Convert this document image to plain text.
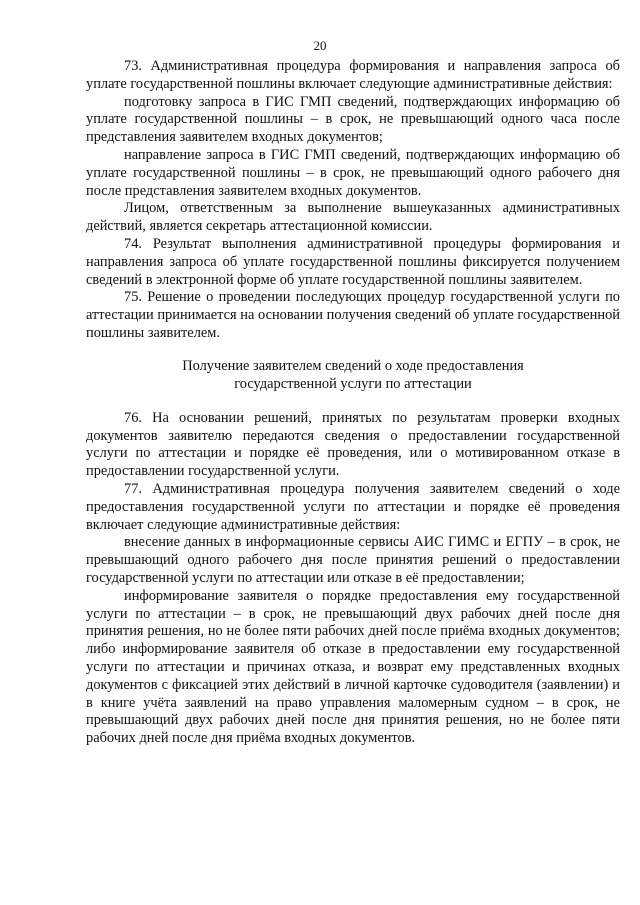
20

73. Административная процедура формирования и направления запроса об уплате государственной пошлины включает следующие административные действия:

подготовку запроса в ГИС ГМП сведений, подтверждающих информацию об уплате государственной пошлины – в срок, не превышающий одного часа после представления заявителем входных документов;

направление запроса в ГИС ГМП сведений, подтверждающих информацию об уплате государственной пошлины – в срок, не превышающий одного рабочего дня после представления заявителем входных документов.

Лицом, ответственным за выполнение вышеуказанных административных действий, является секретарь аттестационной комиссии.

74. Результат выполнения административной процедуры формирования и направления запроса об уплате государственной пошлины фиксируется получением сведений в электронной форме об уплате государственной пошлины заявителем.

75. Решение о проведении последующих процедур государственной услуги по аттестации принимается на основании получения сведений об уплате государственной пошлины заявителем.

Получение заявителем сведений о ходе предоставления
государственной услуги по аттестации

76. На основании решений, принятых по результатам проверки входных документов заявителю передаются сведения о предоставлении государственной услуги по аттестации и порядке её проведения, или о мотивированном отказе в предоставлении государственной услуги.

77. Административная процедура получения заявителем сведений о ходе предоставления государственной услуги по аттестации и порядке её проведения включает следующие административные действия:

внесение данных в информационные сервисы АИС ГИМС и ЕГПУ – в срок, не превышающий одного рабочего дня после принятия решений о предоставлении государственной услуги по аттестации или отказе в её предоставлении;

информирование заявителя о порядке предоставления ему государственной услуги по аттестации – в срок, не превышающий двух рабочих дней после дня принятия решения, но не более пяти рабочих дней после приёма входных документов; либо информирование заявителя об отказе в предоставлении ему государственной услуги по аттестации и причинах отказа, и возврат ему представленных входных документов с фиксацией этих действий в личной карточке судоводителя (заявлении) и в книге учёта заявлений на право управления маломерным судном – в срок, не превышающий двух рабочих дней после дня принятия решения, но не более пяти рабочих дней после дня приёма входных документов.
